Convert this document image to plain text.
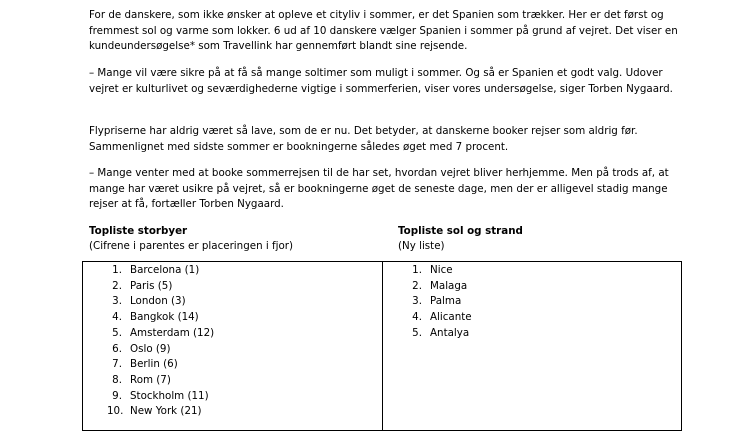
For de danskere, som ikke ønsker at opleve et cityliv i sommer, er det Spanien som trækker. Her er det først og fremmest sol og varme som lokker. 6 ud af 10 danskere vælger Spanien i sommer på grund af vejret. Det viser en kundeundersøgelse* som Travellink har gennemført blandt sine rejsende.

– Mange vil være sikre på at få så mange soltimer som muligt i sommer. Og så er Spanien et godt valg. Udover vejret er kulturlivet og seværdighederne vigtige i sommerferien, viser vores undersøgelse, siger Torben Nygaard.

Flypriserne har aldrig været så lave, som de er nu. Det betyder, at danskerne booker rejser som aldrig før. Sammenlignet med sidste sommer er bookningerne således øget med 7 procent.

– Mange venter med at booke sommerrejsen til de har set, hvordan vejret bliver herhjemme. Men på trods af, at mange har været usikre på vejret, så er bookningerne øget de seneste dage, men der er alligevel stadig mange rejser at få, fortæller Torben Nygaard.

Topliste storbyer
(Cifrene i parentes er placeringen i fjor)
Topliste sol og strand
(Ny liste)
1. Barcelona (1)
2. Paris (5)
3. London (3)
4. Bangkok (14)
5. Amsterdam (12)
6. Oslo (9)
7. Berlin (6)
8. Rom (7)
9. Stockholm (11)
10. New York (21)
1. Nice
2. Malaga
3. Palma
4. Alicante
5. Antalya
